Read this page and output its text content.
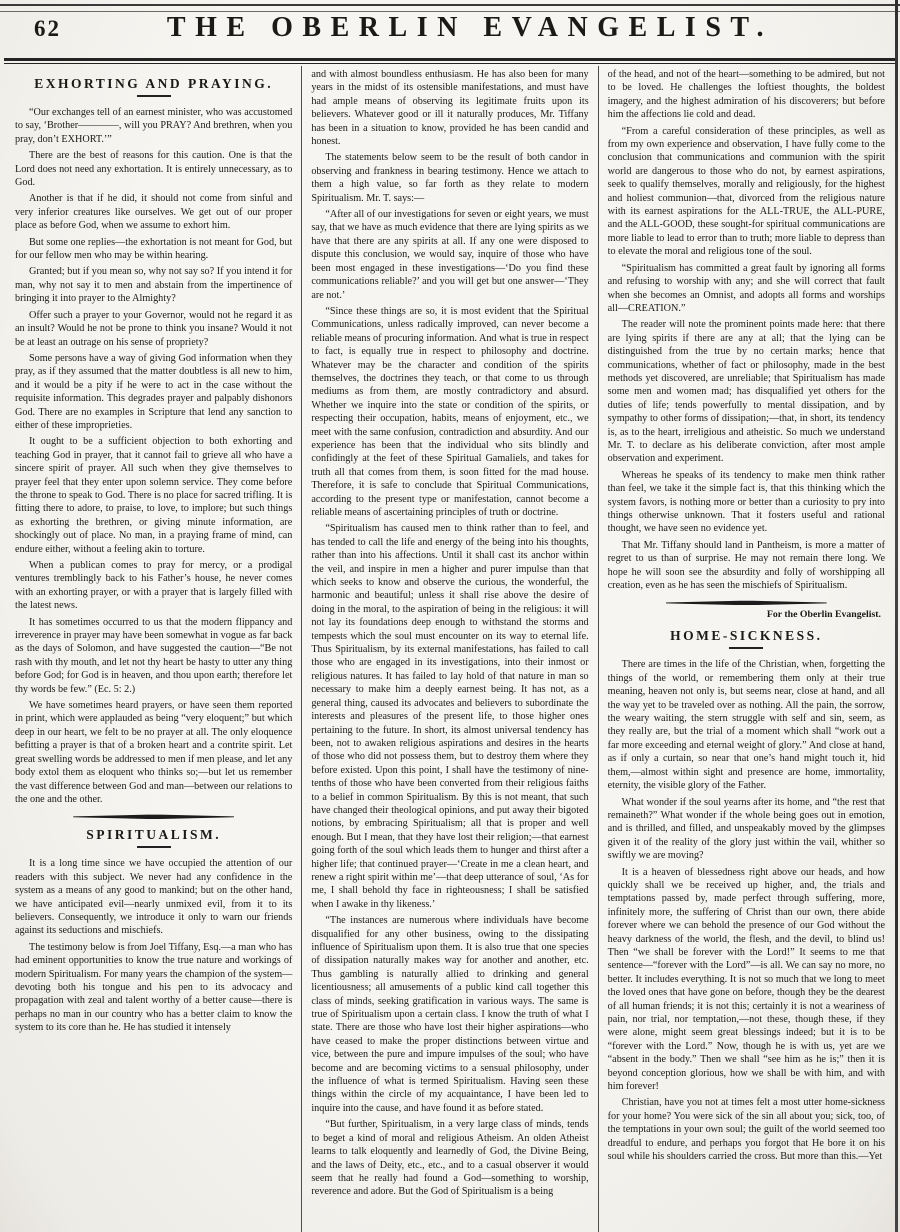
62	THE OBERLIN EVANGELIST.
EXHORTING AND PRAYING.

“Our exchanges tell of an earnest minister, who was accustomed to say, ‘Brother————, will you PRAY? And brethren, when you pray, don’t EXHORT.’”

There are the best of reasons for this caution. One is that the Lord does not need any exhortation. It is entirely unnecessary, as to God.

Another is that if he did, it should not come from sinful and very inferior creatures like ourselves. We get out of our proper place as before God, when we assume to exhort him.

But some one replies—the exhortation is not meant for God, but for our fellow men who may be within hearing.

Granted; but if you mean so, why not say so? If you intend it for man, why not say it to men and abstain from the impertinence of bringing it into prayer to the Almighty?

Offer such a prayer to your Governor, would not he regard it as an insult? Would he not be prone to think you insane? Would it not be at least an outrage on his sense of propriety?

Some persons have a way of giving God information when they pray, as if they assumed that the matter doubtless is all new to him, and it would be a pity if he were to act in the case without the requisite information. This degrades prayer and palpably dishonors God. There are no examples in Scripture that lend any sanction to either of these improprieties.

It ought to be a sufficient objection to both exhorting and teaching God in prayer, that it cannot fail to grieve all who have a sincere spirit of prayer. All such when they give themselves to prayer feel that they enter upon solemn service. They come before the throne to speak to God. There is no place for sacred trifling. It is fitting there to adore, to praise, to love, to implore; but such things as exhorting the brethren, or giving minute information, are shockingly out of place. No man, in a praying frame of mind, can endure either, without a feeling akin to torture.

When a publican comes to pray for mercy, or a prodigal ventures tremblingly back to his Father’s house, he never comes with an exhorting prayer, or with a prayer that is largely filled with the latest news.

It has sometimes occurred to us that the modern flippancy and irreverence in prayer may have been somewhat in vogue as far back as the days of Solomon, and have suggested the caution—“Be not rash with thy mouth, and let not thy heart be hasty to utter any thing before God; for God is in heaven, and thou upon earth; therefore let thy words be few.” (Ec. 5: 2.)

We have sometimes heard prayers, or have seen them reported in print, which were applauded as being “very eloquent;” but which deep in our heart, we felt to be no prayer at all. The only eloquence befitting a prayer is that of a broken heart and a contrite spirit. Let great swelling words be addressed to men if men please, and let any body extol them as eloquent who thinks so;—but let us remember the vast difference between God and man—between our relations to the one and the other.

SPIRITUALISM.

It is a long time since we have occupied the attention of our readers with this subject. We never had any confidence in the system as a means of any good to mankind; but on the other hand, we have anticipated evil—nearly unmixed evil, from it to its believers. Consequently, we introduce it only to warn our friends against its seductions and mischiefs.

The testimony below is from Joel Tiffany, Esq.—a man who has had eminent opportunities to know the true nature and workings of modern Spiritualism. For many years the champion of the system—devoting both his tongue and his pen to its advocacy and propagation with zeal and talent worthy of a better cause—there is perhaps no man in our country who has a better claim to know the system to its core than he. He has studied it intensely

and with almost boundless enthusiasm. He has also been for many years in the midst of its ostensible manifestations, and must have had ample means of observing its legitimate fruits upon its believers. Whatever good or ill it naturally produces, Mr. Tiffany has been in a situation to know, provided he has been candid and honest.

The statements below seem to be the result of both candor in observing and frankness in bearing testimony. Hence we attach to them a high value, so far forth as they relate to modern Spiritualism. Mr. T. says:—

“After all of our investigations for seven or eight years, we must say, that we have as much evidence that there are lying spirits as we have that there are any spirits at all. If any one were disposed to dispute this conclusion, we would say, inquire of those who have been most engaged in these investigations—‘Do you find these communications reliable?’ and you will get but one answer—‘They are not.’

“Since these things are so, it is most evident that the Spiritual Communications, unless radically improved, can never become a reliable means of procuring information. And what is true in respect to fact, is equally true in respect to philosophy and doctrine. Whatever may be the character and condition of the spirits themselves, the doctrines they teach, or that come to us through mediums as from them, are mostly contradictory and absurd. Whether we inquire into the state or condition of the spirits, or respecting their occupation, habits, means of enjoyment, etc., we meet with the same confusion, contradiction and absurdity. And our experience has been that the individual who sits blindly and confidingly at the feet of these Spiritual Gamaliels, and takes for truth all that comes from them, is soon fitted for the mad house. Therefore, it is safe to conclude that Spiritual Communications, according to the present type or manifestation, cannot become a reliable means of ascertaining principles of truth or doctrine.

“Spiritualism has caused men to think rather than to feel, and has tended to call the life and energy of the being into his thoughts, rather than into his affections. Until it shall cast its anchor within the veil, and inspire in men a higher and purer impulse than that which seeks to know and observe the curious, the wonderful, the harmonic and beautiful; unless it shall rise above the desire of doing in the moral, to the aspiration of being in the religious: it will not lay its foundations deep enough to withstand the storms and tempests which the soul must encounter on its way to eternal life. Thus Spiritualism, by its external manifestations, has failed to call those who are engaged in its investigations, into their inmost or religious natures. It has failed to lay hold of that nature in man so necessary to make him a deeply earnest being. It has not, as a general thing, caused its advocates and believers to subordinate the interests and pleasures of the present life, to those higher ones pertaining to the future. In short, its almost universal tendency has been, not to awaken religious aspirations and desires in the hearts of those who did not possess them, but to destroy them where they before existed. Upon this point, I shall have the testimony of nine-tenths of those who have been converted from their religious faiths to a belief in common Spiritualism. By this is not meant, that such have changed their theological opinions, and put away their bigoted notions, by embracing Spiritualism; all that is proper and well enough. But I mean, that they have lost their religion;—that earnest going forth of the soul which leads them to hunger and thirst after a higher life; that continued prayer—‘Create in me a clean heart, and renew a right spirit within me’—that deep utterance of soul, ‘As for me, I shall behold thy face in righteousness; I shall be satisfied when I awake in thy likeness.’

“The instances are numerous where individuals have become disqualified for any other business, owing to the dissipating influence of Spiritualism upon them. It is also true that one species of dissipation naturally makes way for another and another, etc. Thus gambling is naturally allied to drinking and general licentiousness; all amusements of a public kind call together this class of minds, seeking gratification in various ways. The same is true of Spiritualism upon a certain class. I know the truth of what I state. There are those who have lost their higher aspirations—who have ceased to make the proper distinctions between virtue and vice, between the pure and impure impulses of the soul; who have become and are becoming victims to a sensual philosophy, under the influence of what is termed Spiritualism. Having seen these things within the circle of my acquaintance, I have been led to inquire into the cause, and have found it as before stated.

“But further, Spiritualism, in a very large class of minds, tends to beget a kind of moral and religious Atheism. An olden Atheist learns to talk eloquently and learnedly of God, the Divine Being, and the laws of Deity, etc., etc., and to a casual observer it would seem that he really had found a God—something to worship, reverence and adore. But the God of Spiritualism is a being

of the head, and not of the heart—something to be admired, but not to be loved. He challenges the loftiest thoughts, the boldest imagery, and the highest admiration of his discoverers; but before him the affections lie cold and dead.

“From a careful consideration of these principles, as well as from my own experience and observation, I have fully come to the conclusion that communications and communion with the spirit world are dangerous to those who do not, by earnest aspirations, seek to qualify themselves, morally and religiously, for the highest and holiest communion—that, divorced from the religious nature with its earnest aspirations for the ALL-TRUE, the ALL-PURE, and the ALL-GOOD, these sought-for spiritual communications are more liable to lead to error than to truth; more liable to depress than to elevate the moral and religious tone of the soul.

“Spiritualism has committed a great fault by ignoring all forms and refusing to worship with any; and she will correct that fault when she becomes an Omnist, and adopts all forms and worships all—CREATION.”

The reader will note the prominent points made here: that there are lying spirits if there are any at all; that the lying can be distinguished from the true by no certain marks; hence that communications, whether of fact or philosophy, made in the best methods yet discovered, are unreliable; that Spiritualism has made some men and women mad; has disqualified yet others for the duties of life; tends powerfully to mental dissipation, and by sympathy to other forms of dissipation;—that, in short, its tendency is, as to the heart, irreligious and atheistic. So much we understand Mr. T. to declare as his deliberate conviction, after most ample observation and experiment.

Whereas he speaks of its tendency to make men think rather than feel, we take it the simple fact is, that this thinking which the system favors, is nothing more or better than a curiosity to pry into things otherwise unknown. That it fosters useful and rational thought, we have seen no evidence yet.

That Mr. Tiffany should land in Pantheism, is more a matter of regret to us than of surprise. He may not remain there long. We hope he will soon see the absurdity and folly of worshipping all creation, even as he has seen the mischiefs of Spiritualism.

For the Oberlin Evangelist.
HOME-SICKNESS.

There are times in the life of the Christian, when, forgetting the things of the world, or remembering them only at their true meaning, heaven not only is, but seems near, close at hand, and all the way yet to be traveled over as nothing. All the pain, the sorrow, the weary waiting, the stern struggle with self and sin, seem, as they really are, but the trial of a moment which shall “work out a far more exceeding and eternal weight of glory.” And close at hand, as if only a curtain, so near that one’s hand might touch it, hid them,—almost within sight and presence are home, immortality, eternity, the visible glory of the Father.

What wonder if the soul yearns after its home, and “the rest that remaineth?” What wonder if the whole being goes out in emotion, and is thrilled, and filled, and unspeakably moved by the glimpses given it of the reality of the glory just within the vail, whither so swiftly we are moving?

It is a heaven of blessedness right above our heads, and how quickly shall we be received up higher, and, the trials and temptations passed by, made perfect through suffering, more, infinitely more, the suffering of Christ than our own, there abide forever where we can behold the presence of our God without the heavy darkness of the world, the flesh, and the devil, to blind us! Then “we shall be forever with the Lord!” It seems to me that sentence—“forever with the Lord”—is all. We can say no more, no better. It includes everything. It is not so much that we long to meet the loved ones that have gone on before, though they be the dearest of all human friends; it is not this; certainly it is not a weariness of pain, nor trial, nor temptation,—not these, though these, if they were alone, might seem great blessings indeed; but it is to be “forever with the Lord.” Now, though he is with us, yet are we “absent in the body.” Then we shall “see him as he is;” then it is beyond conception glorious, how we shall be with him, and with him forever!

Christian, have you not at times felt a most utter home-sickness for your home? You were sick of the sin all about you; sick, too, of the temptations in your own soul; the guilt of the world seemed too dreadful to endure, and perhaps you forgot that He bore it on his soul while his shoulders carried the cross. But more than this.—Yet
